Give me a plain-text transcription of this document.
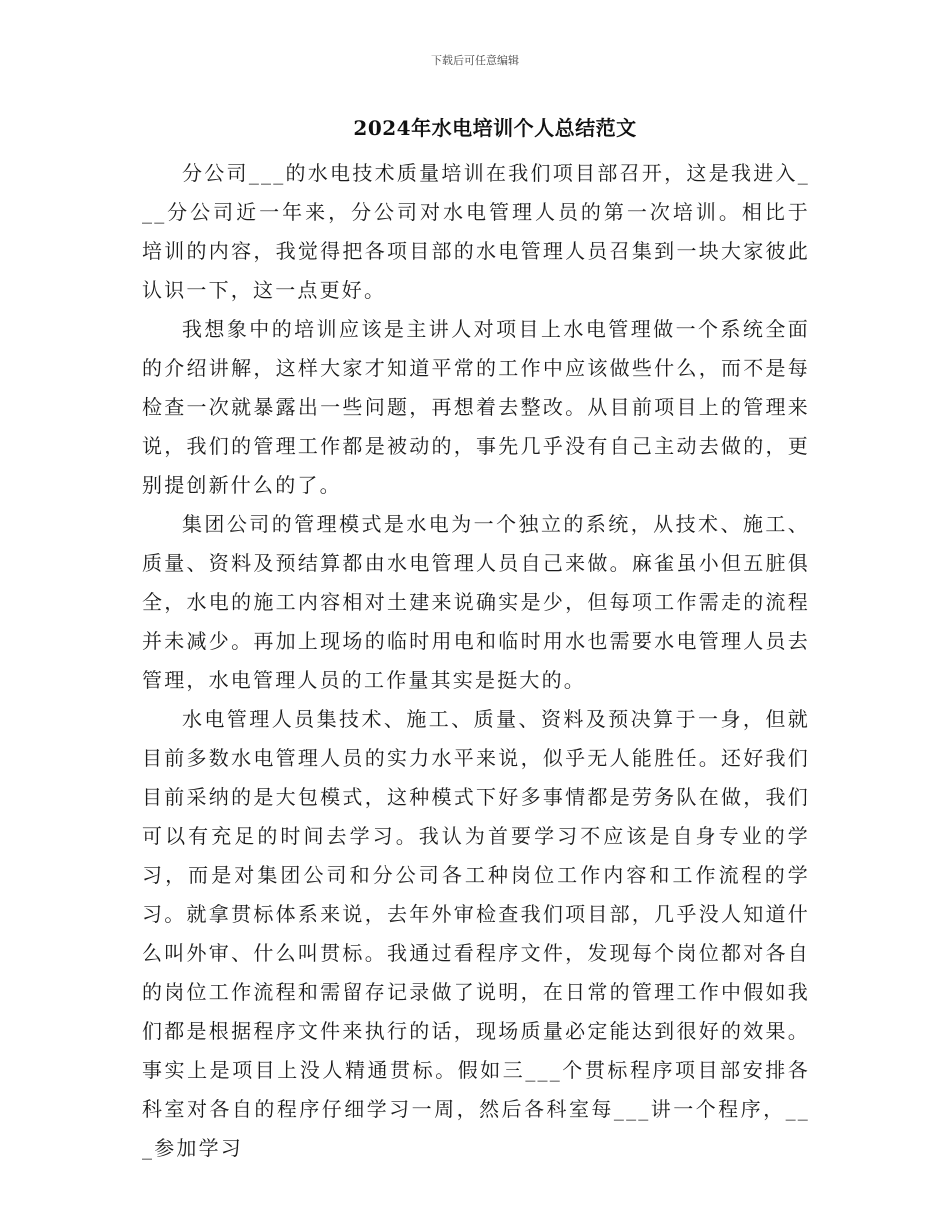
下载后可任意编辑
2024年水电培训个人总结范文

分公司___的水电技术质量培训在我们项目部召开，这是我进入___分公司近一年来，分公司对水电管理人员的第一次培训。相比于培训的内容，我觉得把各项目部的水电管理人员召集到一块大家彼此认识一下，这一点更好。

我想象中的培训应该是主讲人对项目上水电管理做一个系统全面的介绍讲解，这样大家才知道平常的工作中应该做些什么，而不是每检查一次就暴露出一些问题，再想着去整改。从目前项目上的管理来说，我们的管理工作都是被动的，事先几乎没有自己主动去做的，更别提创新什么的了。

集团公司的管理模式是水电为一个独立的系统，从技术、施工、质量、资料及预结算都由水电管理人员自己来做。麻雀虽小但五脏俱全，水电的施工内容相对土建来说确实是少，但每项工作需走的流程并未减少。再加上现场的临时用电和临时用水也需要水电管理人员去管理，水电管理人员的工作量其实是挺大的。

水电管理人员集技术、施工、质量、资料及预决算于一身，但就目前多数水电管理人员的实力水平来说，似乎无人能胜任。还好我们目前采纳的是大包模式，这种模式下好多事情都是劳务队在做，我们可以有充足的时间去学习。我认为首要学习不应该是自身专业的学习，而是对集团公司和分公司各工种岗位工作内容和工作流程的学习。就拿贯标体系来说，去年外审检查我们项目部，几乎没人知道什么叫外审、什么叫贯标。我通过看程序文件，发现每个岗位都对各自的岗位工作流程和需留存记录做了说明，在日常的管理工作中假如我们都是根据程序文件来执行的话，现场质量必定能达到很好的效果。事实上是项目上没人精通贯标。假如三___个贯标程序项目部安排各科室对各自的程序仔细学习一周，然后各科室每___讲一个程序，___参加学习
